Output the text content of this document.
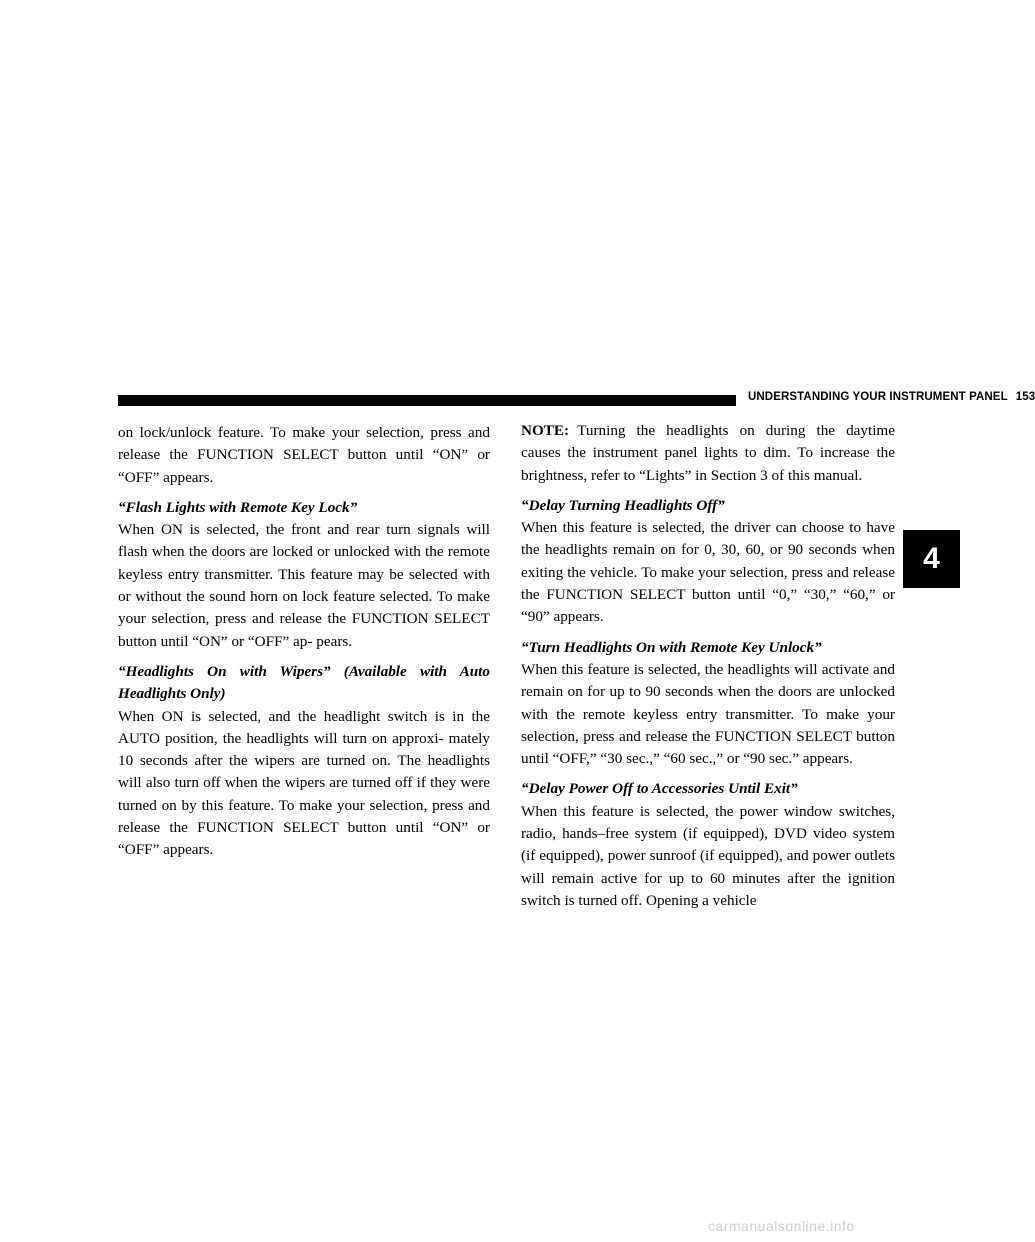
UNDERSTANDING YOUR INSTRUMENT PANEL 153
4

on lock/unlock feature. To make your selection, press and release the FUNCTION SELECT button until “ON” or “OFF” appears.

“Flash Lights with Remote Key Lock”

When ON is selected, the front and rear turn signals will flash when the doors are locked or unlocked with the remote keyless entry transmitter. This feature may be selected with or without the sound horn on lock feature selected. To make your selection, press and release the FUNCTION SELECT button until “ON” or “OFF” ap- pears.

“Headlights On with Wipers” (Available with Auto Headlights Only)

When ON is selected, and the headlight switch is in the AUTO position, the headlights will turn on approxi- mately 10 seconds after the wipers are turned on. The headlights will also turn off when the wipers are turned off if they were turned on by this feature. To make your selection, press and release the FUNCTION SELECT button until “ON” or “OFF” appears.

NOTE: Turning the headlights on during the daytime causes the instrument panel lights to dim. To increase the brightness, refer to “Lights” in Section 3 of this manual.

“Delay Turning Headlights Off”

When this feature is selected, the driver can choose to have the headlights remain on for 0, 30, 60, or 90 seconds when exiting the vehicle. To make your selection, press and release the FUNCTION SELECT button until “0,” “30,” “60,” or “90” appears.

“Turn Headlights On with Remote Key Unlock”

When this feature is selected, the headlights will activate and remain on for up to 90 seconds when the doors are unlocked with the remote keyless entry transmitter. To make your selection, press and release the FUNCTION SELECT button until “OFF,” “30 sec.,” “60 sec.,” or “90 sec.” appears.

“Delay Power Off to Accessories Until Exit”

When this feature is selected, the power window switches, radio, hands–free system (if equipped), DVD video system (if equipped), power sunroof (if equipped), and power outlets will remain active for up to 60 minutes after the ignition switch is turned off. Opening a vehicle

carmanualsonline.info
